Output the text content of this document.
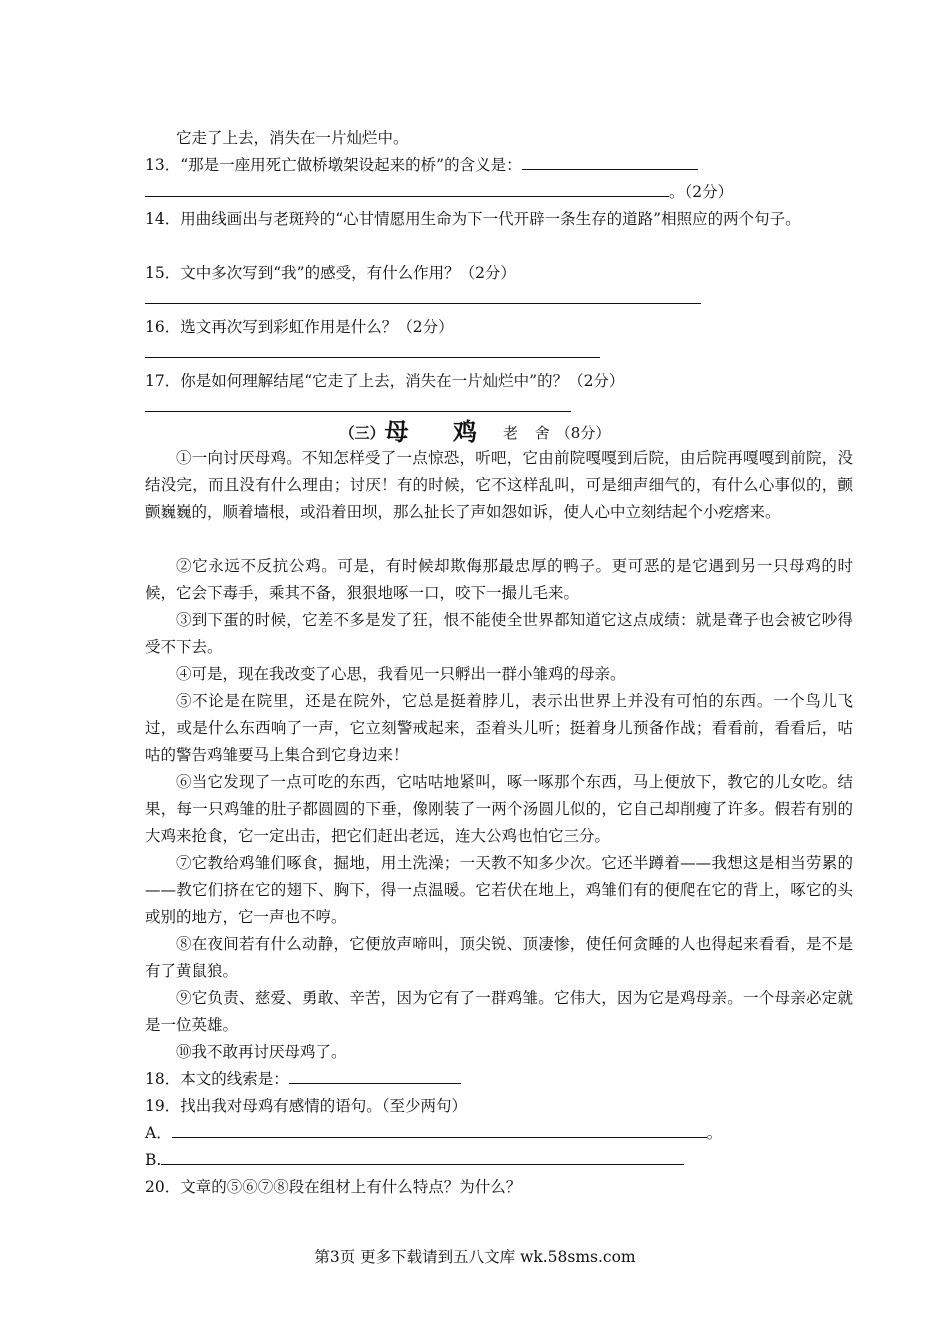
它走了上去，消失在一片灿烂中。
13．“那是一座用死亡做桥墩架设起来的桥”的含义是：
。（2分）
14．用曲线画出与老斑羚的“心甘情愿用生命为下一代开辟一条生存的道路”相照应的两个句子。
15．文中多次写到“我”的感受，有什么作用？（2分）
16．选文再次写到彩虹作用是什么？（2分）
17．你是如何理解结尾“它走了上去，消失在一片灿烂中”的？（2分）
（三）母 鸡 老 舍（8分）
①一向讨厌母鸡。不知怎样受了一点惊恐，听吧，它由前院嘎嘎到后院，由后院再嘎嘎到前院，没结没完，而且没有什么理由；讨厌！有的时候，它不这样乱叫，可是细声细气的，有什么心事似的，颤颤巍巍的，顺着墙根，或沿着田坝，那么扯长了声如怨如诉，使人心中立刻结起个小疙瘩来。
②它永远不反抗公鸡。可是，有时候却欺侮那最忠厚的鸭子。更可恶的是它遇到另一只母鸡的时候，它会下毒手，乘其不备，狠狠地啄一口，咬下一撮儿毛来。
③到下蛋的时候，它差不多是发了狂，恨不能使全世界都知道它这点成绩：就是聋子也会被它吵得受不下去。
④可是，现在我改变了心思，我看见一只孵出一群小雏鸡的母亲。
⑤不论是在院里，还是在院外，它总是挺着脖儿，表示出世界上并没有可怕的东西。一个鸟儿飞过，或是什么东西响了一声，它立刻警戒起来，歪着头儿听；挺着身儿预备作战；看看前，看看后，咕咕的警告鸡雏要马上集合到它身边来！
⑥当它发现了一点可吃的东西，它咕咕地紧叫，啄一啄那个东西，马上便放下，教它的儿女吃。结果，每一只鸡雏的肚子都圆圆的下垂，像刚装了一两个汤圆儿似的，它自己却削瘦了许多。假若有别的大鸡来抢食，它一定出击，把它们赶出老远，连大公鸡也怕它三分。
⑦它教给鸡雏们啄食，掘地，用土洗澡；一天教不知多少次。它还半蹲着——我想这是相当劳累的——教它们挤在它的翅下、胸下，得一点温暖。它若伏在地上，鸡雏们有的便爬在它的背上，啄它的头或别的地方，它一声也不哼。
⑧在夜间若有什么动静，它便放声啼叫，顶尖锐、顶凄惨，使任何贪睡的人也得起来看看，是不是有了黄鼠狼。
⑨它负责、慈爱、勇敢、辛苦，因为它有了一群鸡雏。它伟大，因为它是鸡母亲。一个母亲必定就是一位英雄。
⑩我不敢再讨厌母鸡了。
18．本文的线索是：
19．找出我对母鸡有感情的语句。（至少两句）
A．	。
B.
20．文章的⑤⑥⑦⑧段在组材上有什么特点？为什么？
第3页 更多下载请到五八文库 wk.58sms.com
